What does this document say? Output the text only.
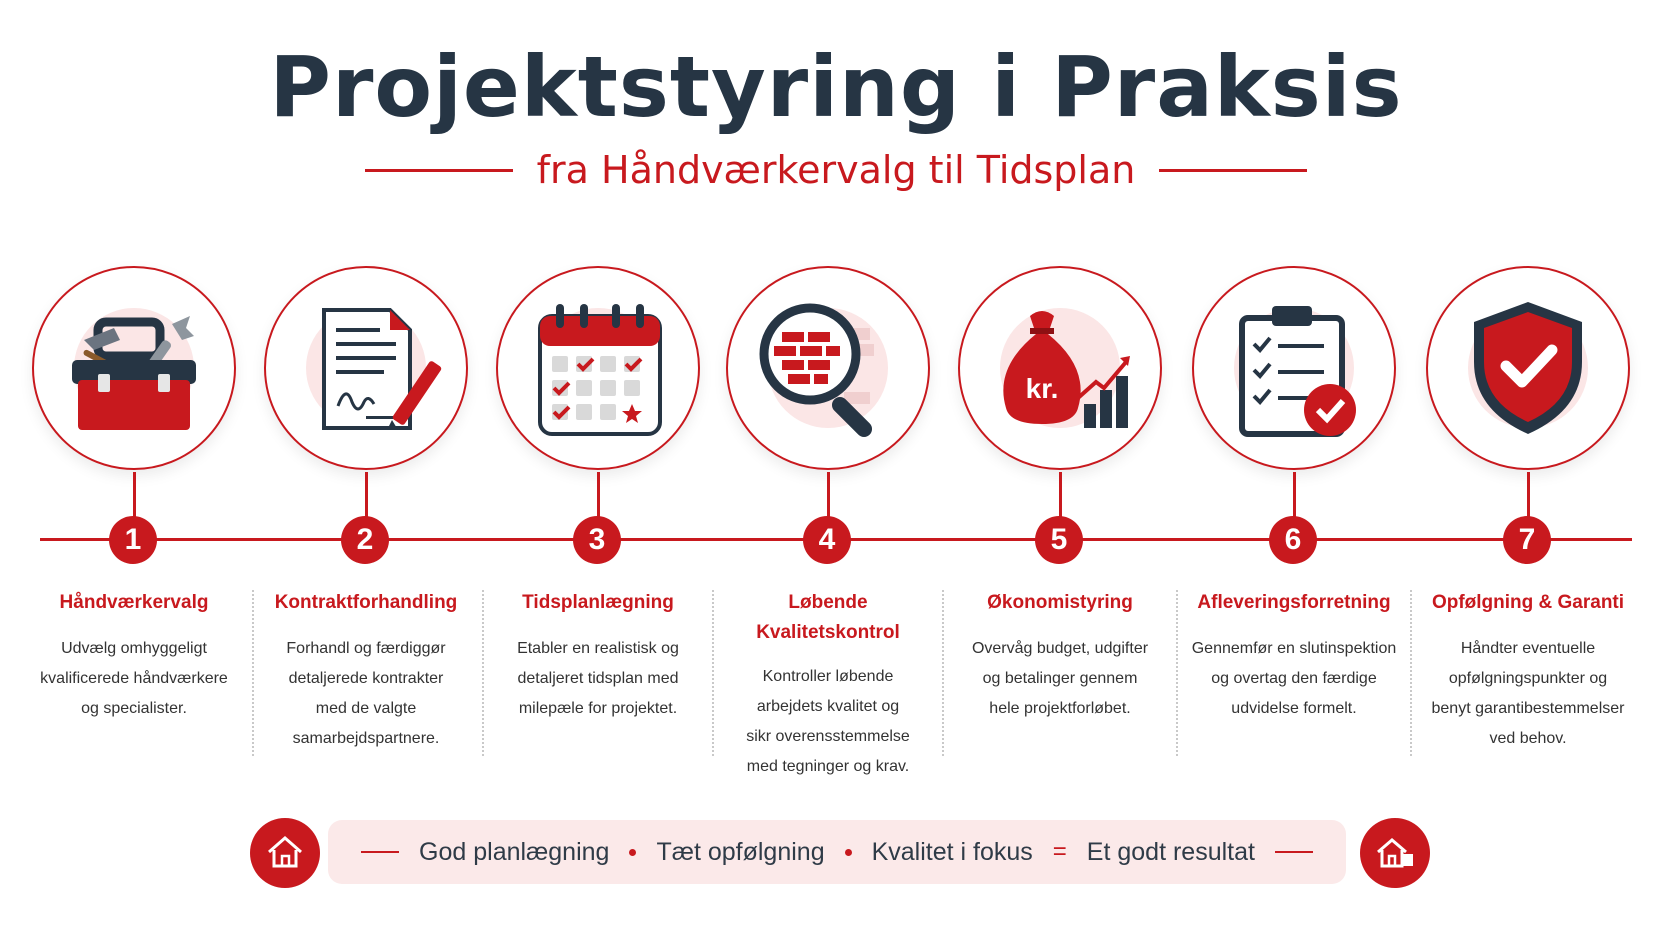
Projektstyring i Praksis
fra Håndværkervalg til Tidsplan
1
Håndværkervalg
Udvælg omhyggeligt
kvalificerede håndværkere
og specialister.
2
Kontraktforhandling
Forhandl og færdiggør
detaljerede kontrakter
med de valgte
samarbejdspartnere.
3
Tidsplanlægning
Etabler en realistisk og
detaljeret tidsplan med
milepæle for projektet.
4
Løbende Kvalitetskontrol
Kontroller løbende
arbejdets kvalitet og
sikr overensstemmelse
med tegninger og krav.
kr.
5
Økonomistyring
Overvåg budget, udgifter
og betalinger gennem
hele projektforløbet.
6
Afleveringsforretning
Gennemfør en slutinspektion
og overtag den færdige
udvidelse formelt.
7
Opfølgning & Garanti
Håndter eventuelle
opfølgningspunkter og
benyt garantibestemmelser
ved behov.
God planlægning Tæt opfølgning Kvalitet i fokus = Et godt resultat
